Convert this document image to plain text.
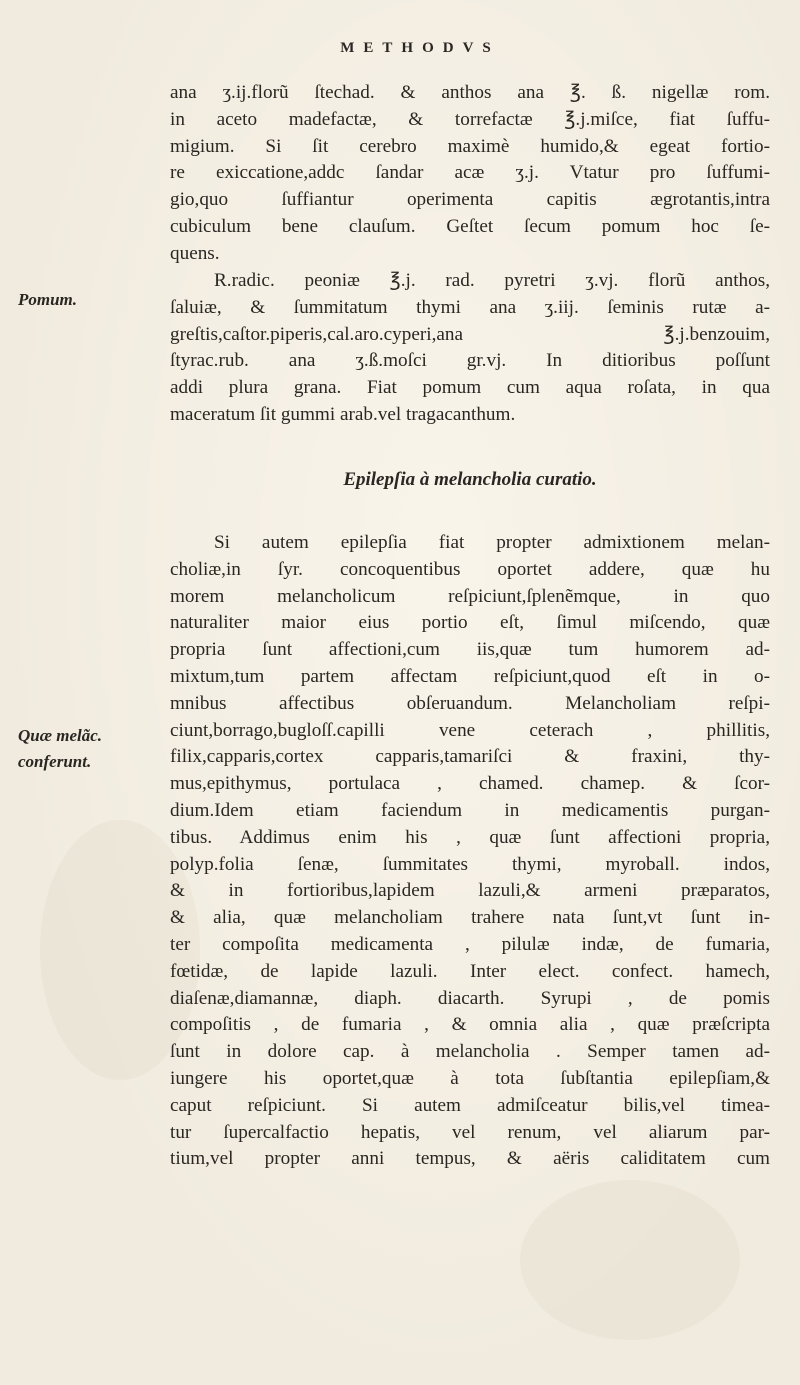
METHODVS
Pomum.
Quæ melãc.
conferunt.
ana ʒ.ij.florũ ſtechad. & anthos ana ℥. ß. nigellæ rom.
in aceto madefactæ, & torrefactæ ℥.j.miſce, fiat ſuffu-
migium. Si ſit cerebro maximè humido,& egeat fortio-
re exiccatione,addc ſandar acæ ʒ.j. Vtatur pro ſuffumi-
gio,quo ſuffiantur operimenta capitis ægrotantis,intra
cubiculum bene clauſum. Geſtet ſecum pomum hoc ſe-
quens.
R.radic. peoniæ ℥.j. rad. pyretri ʒ.vj. florũ anthos,
ſaluiæ, & ſummitatum thymi ana ʒ.iij. ſeminis rutæ a-
greſtis,caſtor.piperis,cal.aro.cyperi,ana ℥.j.benzouim,
ſtyrac.rub. ana ʒ.ß.moſci gr.vj. In ditioribus poſſunt
addi plura grana. Fiat pomum cum aqua roſata, in qua
maceratum ſit gummi arab.vel tragacanthum.
Epilepſia à melancholia curatio.
Si autem epilepſia fiat propter admixtionem melan-
choliæ,in ſyr. concoquentibus oportet addere, quæ hu
morem melancholicum reſpiciunt,ſplenẽmque, in quo
naturaliter maior eius portio eſt, ſimul miſcendo, quæ
propria ſunt affectioni,cum iis,quæ tum humorem ad-
mixtum,tum partem affectam reſpiciunt,quod eſt in o-
mnibus affectibus obſeruandum. Melancholiam reſpi-
ciunt,borrago,bugloſſ.capilli vene ceterach , phillitis,
filix,capparis,cortex capparis,tamariſci & fraxini, thy-
mus,epithymus, portulaca , chamed. chamep. & ſcor-
dium.Idem etiam faciendum in medicamentis purgan-
tibus. Addimus enim his , quæ ſunt affectioni propria,
polyp.folia ſenæ, ſummitates thymi, myroball. indos,
& in fortioribus,lapidem lazuli,& armeni præparatos,
& alia, quæ melancholiam trahere nata ſunt,vt ſunt in-
ter compoſita medicamenta , pilulæ indæ, de fumaria,
fœtidæ, de lapide lazuli. Inter elect. confect. hamech,
diaſenæ,diamannæ, diaph. diacarth. Syrupi , de pomis
compoſitis , de fumaria , & omnia alia , quæ præſcripta
ſunt in dolore cap. à melancholia . Semper tamen ad-
iungere his oportet,quæ à tota ſubſtantia epilepſiam,&
caput reſpiciunt. Si autem admiſceatur bilis,vel timea-
tur ſupercalfactio hepatis, vel renum, vel aliarum par-
tium,vel propter anni tempus, & aëris caliditatem cum
